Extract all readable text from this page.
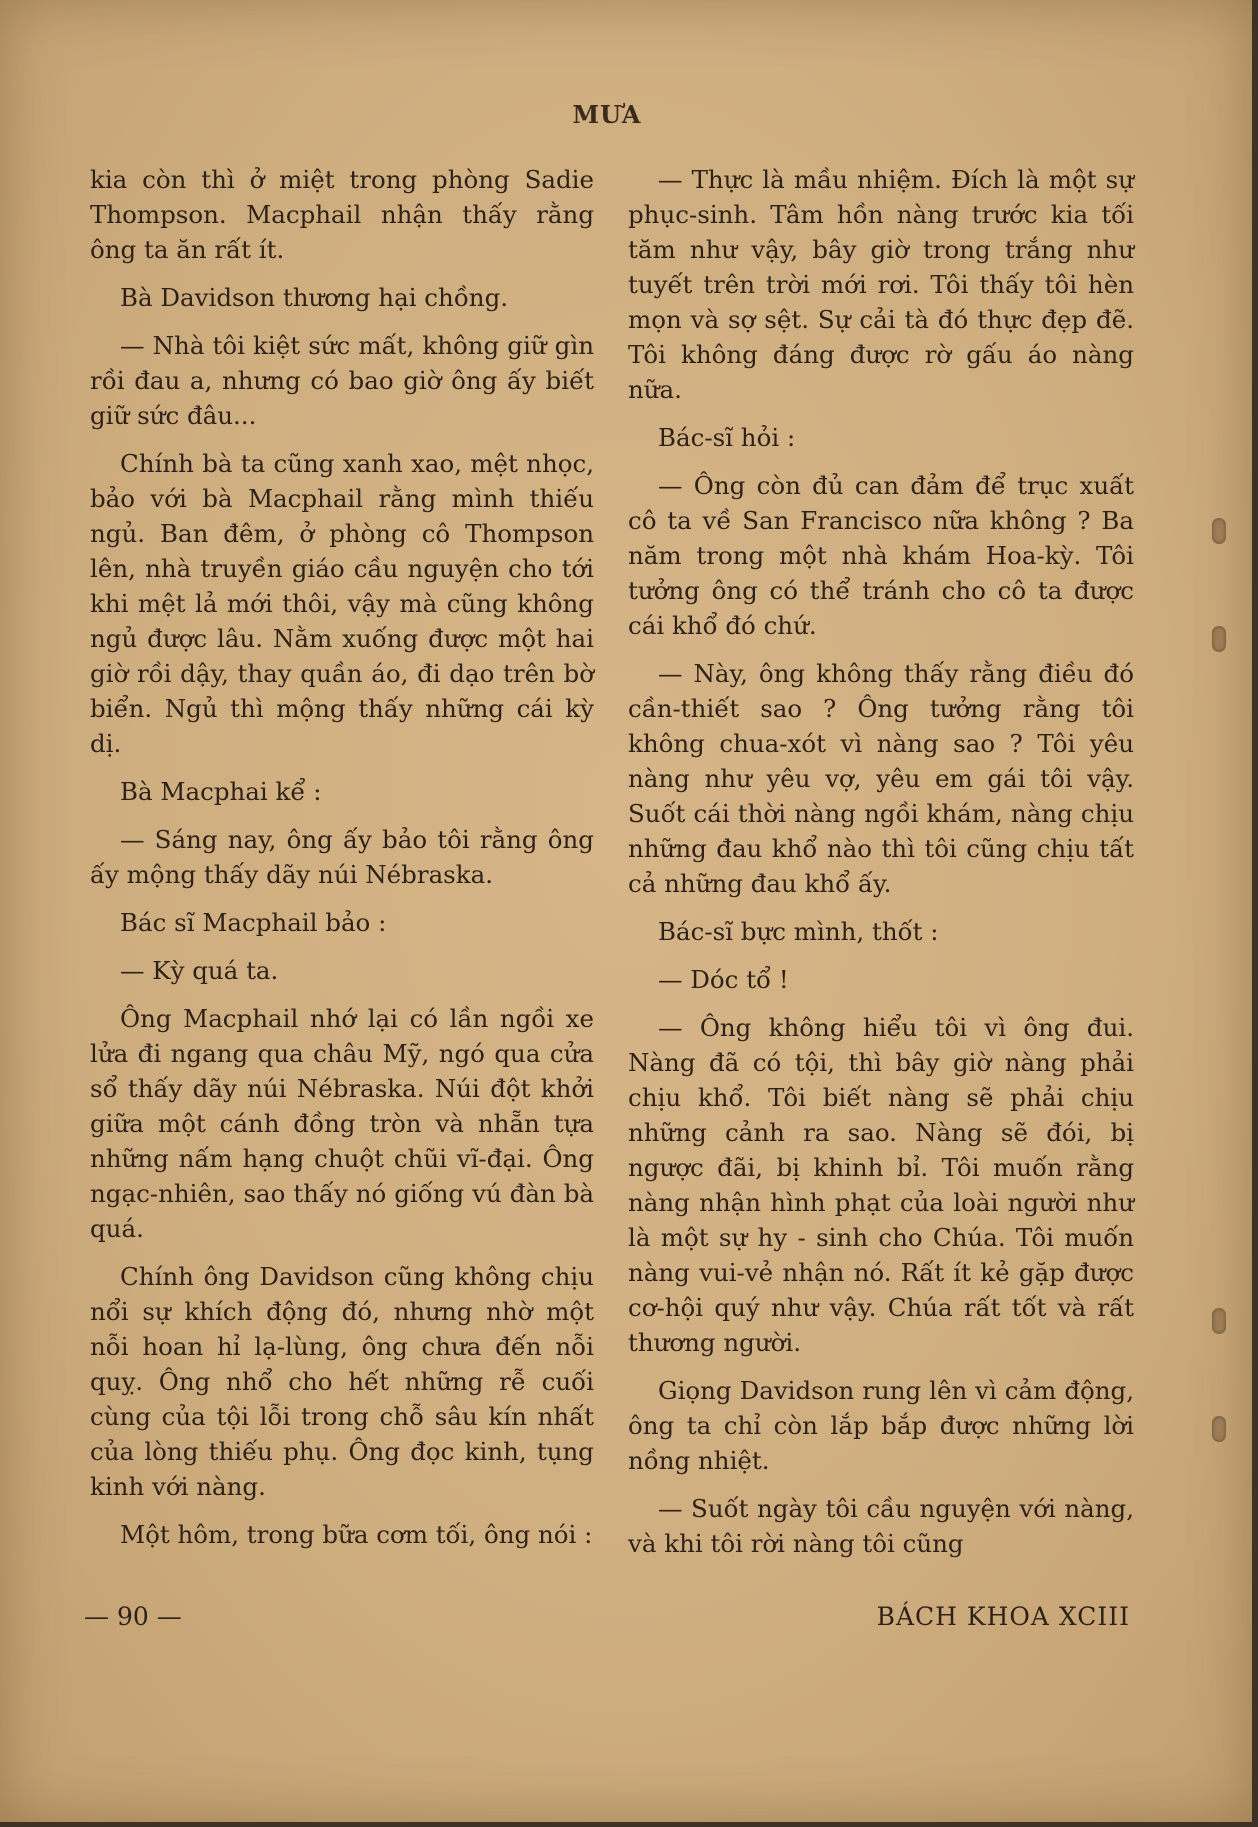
MƯA

kia còn thì ở miệt trong phòng Sadie Thompson. Macphail nhận thấy rằng ông ta ăn rất ít.

Bà Davidson thương hại chồng.

— Nhà tôi kiệt sức mất, không giữ gìn rồi đau a, nhưng có bao giờ ông ấy biết giữ sức đâu...

Chính bà ta cũng xanh xao, mệt nhọc, bảo với bà Macphail rằng mình thiếu ngủ. Ban đêm, ở phòng cô Thompson lên, nhà truyền giáo cầu nguyện cho tới khi mệt lả mới thôi, vậy mà cũng không ngủ được lâu. Nằm xuống được một hai giờ rồi dậy, thay quần áo, đi dạo trên bờ biển. Ngủ thì mộng thấy những cái kỳ dị.

Bà Macphai kể :

— Sáng nay, ông ấy bảo tôi rằng ông ấy mộng thấy dãy núi Nébraska.

Bác sĩ Macphail bảo :

— Kỳ quá ta.

Ông Macphail nhớ lại có lần ngồi xe lửa đi ngang qua châu Mỹ, ngó qua cửa sổ thấy dãy núi Nébraska. Núi đột khởi giữa một cánh đồng tròn và nhẵn tựa những nấm hạng chuột chũi vĩ-đại. Ông ngạc-nhiên, sao thấy nó giống vú đàn bà quá.

Chính ông Davidson cũng không chịu nổi sự khích động đó, nhưng nhờ một nỗi hoan hỉ lạ-lùng, ông chưa đến nỗi quỵ. Ông nhổ cho hết những rễ cuối cùng của tội lỗi trong chỗ sâu kín nhất của lòng thiếu phụ. Ông đọc kinh, tụng kinh với nàng.

Một hôm, trong bữa cơm tối, ông nói :

— Thực là mầu nhiệm. Đích là một sự phục-sinh. Tâm hồn nàng trước kia tối tăm như vậy, bây giờ trong trắng như tuyết trên trời mới rơi. Tôi thấy tôi hèn mọn và sợ sệt. Sự cải tà đó thực đẹp đẽ. Tôi không đáng được rờ gấu áo nàng nữa.

Bác-sĩ hỏi :

— Ông còn đủ can đảm để trục xuất cô ta về San Francisco nữa không ? Ba năm trong một nhà khám Hoa-kỳ. Tôi tưởng ông có thể tránh cho cô ta được cái khổ đó chứ.

— Này, ông không thấy rằng điều đó cần-thiết sao ? Ông tưởng rằng tôi không chua-xót vì nàng sao ? Tôi yêu nàng như yêu vợ, yêu em gái tôi vậy. Suốt cái thời nàng ngồi khám, nàng chịu những đau khổ nào thì tôi cũng chịu tất cả những đau khổ ấy.

Bác-sĩ bực mình, thốt :

— Dóc tổ !

— Ông không hiểu tôi vì ông đui. Nàng đã có tội, thì bây giờ nàng phải chịu khổ. Tôi biết nàng sẽ phải chịu những cảnh ra sao. Nàng sẽ đói, bị ngược đãi, bị khinh bỉ. Tôi muốn rằng nàng nhận hình phạt của loài người như là một sự hy - sinh cho Chúa. Tôi muốn nàng vui-vẻ nhận nó. Rất ít kẻ gặp được cơ-hội quý như vậy. Chúa rất tốt và rất thương người.

Giọng Davidson rung lên vì cảm động, ông ta chỉ còn lắp bắp được những lời nồng nhiệt.

— Suốt ngày tôi cầu nguyện với nàng, và khi tôi rời nàng tôi cũng

— 90 —	BÁCH KHOA XCIII
